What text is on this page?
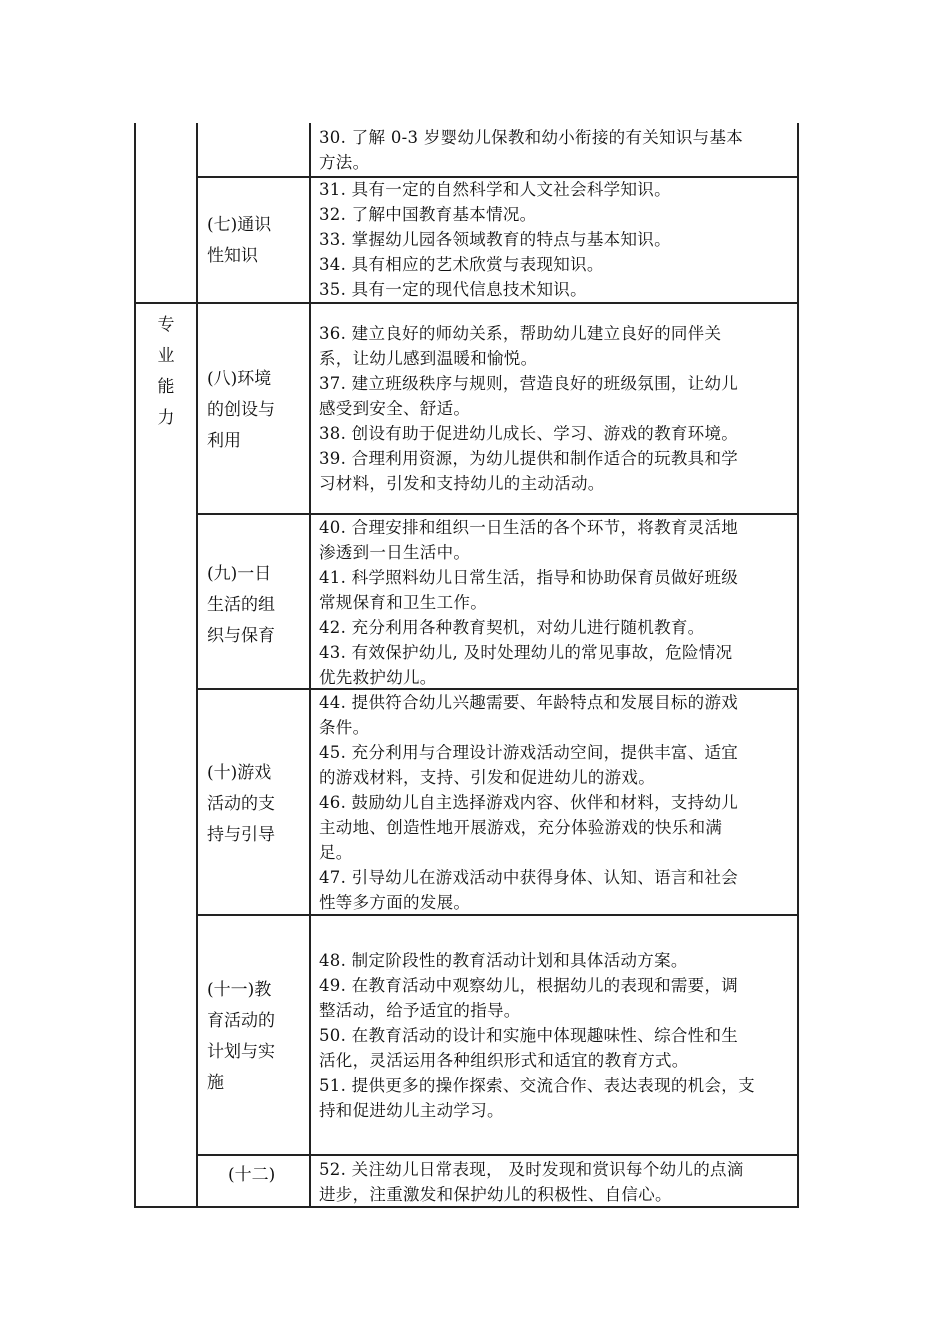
专
业
能
力
30. 了解 0-3 岁婴幼儿保教和幼小衔接的有关知识与基本
方法。
(七)通识
性知识
31. 具有一定的自然科学和人文社会科学知识。
32. 了解中国教育基本情况。
33. 掌握幼儿园各领域教育的特点与基本知识。
34. 具有相应的艺术欣赏与表现知识。
35. 具有一定的现代信息技术知识。
(八)环境
的创设与
利用
36. 建立良好的师幼关系，帮助幼儿建立良好的同伴关
系，让幼儿感到温暖和愉悦。
37. 建立班级秩序与规则，营造良好的班级氛围，让幼儿
感受到安全、舒适。
38. 创设有助于促进幼儿成长、学习、游戏的教育环境。
39. 合理利用资源，为幼儿提供和制作适合的玩教具和学
习材料，引发和支持幼儿的主动活动。
(九)一日
生活的组
织与保育
40. 合理安排和组织一日生活的各个环节，将教育灵活地
渗透到一日生活中。
41. 科学照料幼儿日常生活，指导和协助保育员做好班级
常规保育和卫生工作。
42. 充分利用各种教育契机，对幼儿进行随机教育。
43. 有效保护幼儿, 及时处理幼儿的常见事故，危险情况
优先救护幼儿。
(十)游戏
活动的支
持与引导
44. 提供符合幼儿兴趣需要、年龄特点和发展目标的游戏
条件。
45. 充分利用与合理设计游戏活动空间，提供丰富、适宜
的游戏材料，支持、引发和促进幼儿的游戏。
46. 鼓励幼儿自主选择游戏内容、伙伴和材料，支持幼儿
主动地、创造性地开展游戏，充分体验游戏的快乐和满
足。
47. 引导幼儿在游戏活动中获得身体、认知、语言和社会
性等多方面的发展。
(十一)教
育活动的
计划与实
施
48. 制定阶段性的教育活动计划和具体活动方案。
49. 在教育活动中观察幼儿，根据幼儿的表现和需要，调
整活动，给予适宜的指导。
50. 在教育活动的设计和实施中体现趣味性、综合性和生
活化，灵活运用各种组织形式和适宜的教育方式。
51. 提供更多的操作探索、交流合作、表达表现的机会，支
持和促进幼儿主动学习。
(十二)	52. 关注幼儿日常表现， 及时发现和赏识每个幼儿的点滴
进步，注重激发和保护幼儿的积极性、自信心。
